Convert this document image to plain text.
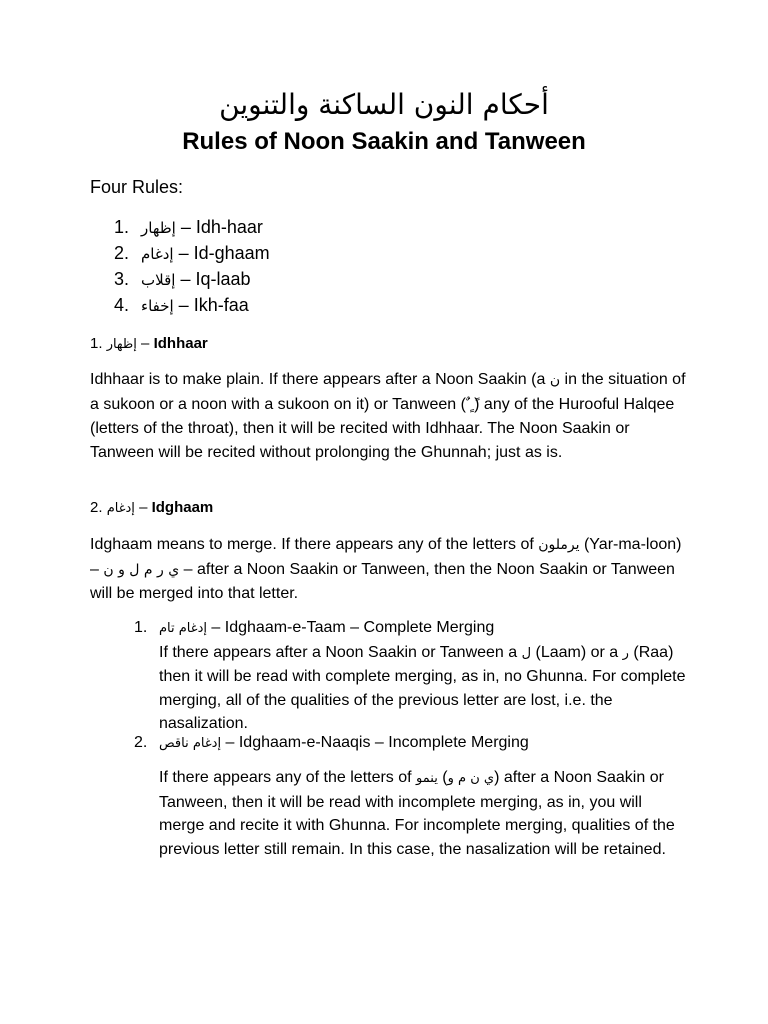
أحكام النون الساكنة والتنوين
Rules of Noon Saakin and Tanween
Four Rules:
1. إظهار – Idh-haar
2. إدغام – Id-ghaam
3. إقلاب – Iq-laab
4. إخفاء – Ikh-faa
1. إظهار – Idhhaar

Idhhaar is to make plain. If there appears after a Noon Saakin (a ن in the situation of a sukoon or a noon with a sukoon on it) or Tanween (ً ٍ ٌ) any of the Hurooful Halqee (letters of the throat), then it will be recited with Idhhaar. The Noon Saakin or Tanween will be recited without prolonging the Ghunnah; just as is.

2. إدغام – Idghaam

Idghaam means to merge. If there appears any of the letters of يرملون (Yar-ma-loon) – ي ر م ل و ن – after a Noon Saakin or Tanween, then the Noon Saakin or Tanween will be merged into that letter.

1. إدغام تام – Idghaam-e-Taam – Complete Merging
If there appears after a Noon Saakin or Tanween a ل (Laam) or a ر (Raa) then it will be read with complete merging, as in, no Ghunna. For complete merging, all of the qualities of the previous letter are lost, i.e. the nasalization.
2. إدغام ناقص – Idghaam-e-Naaqis – Incomplete Merging

If there appears any of the letters of ينمو (ي ن م و) after a Noon Saakin or Tanween, then it will be read with incomplete merging, as in, you will merge and recite it with Ghunna. For incomplete merging, qualities of the previous letter still remain. In this case, the nasalization will be retained.
